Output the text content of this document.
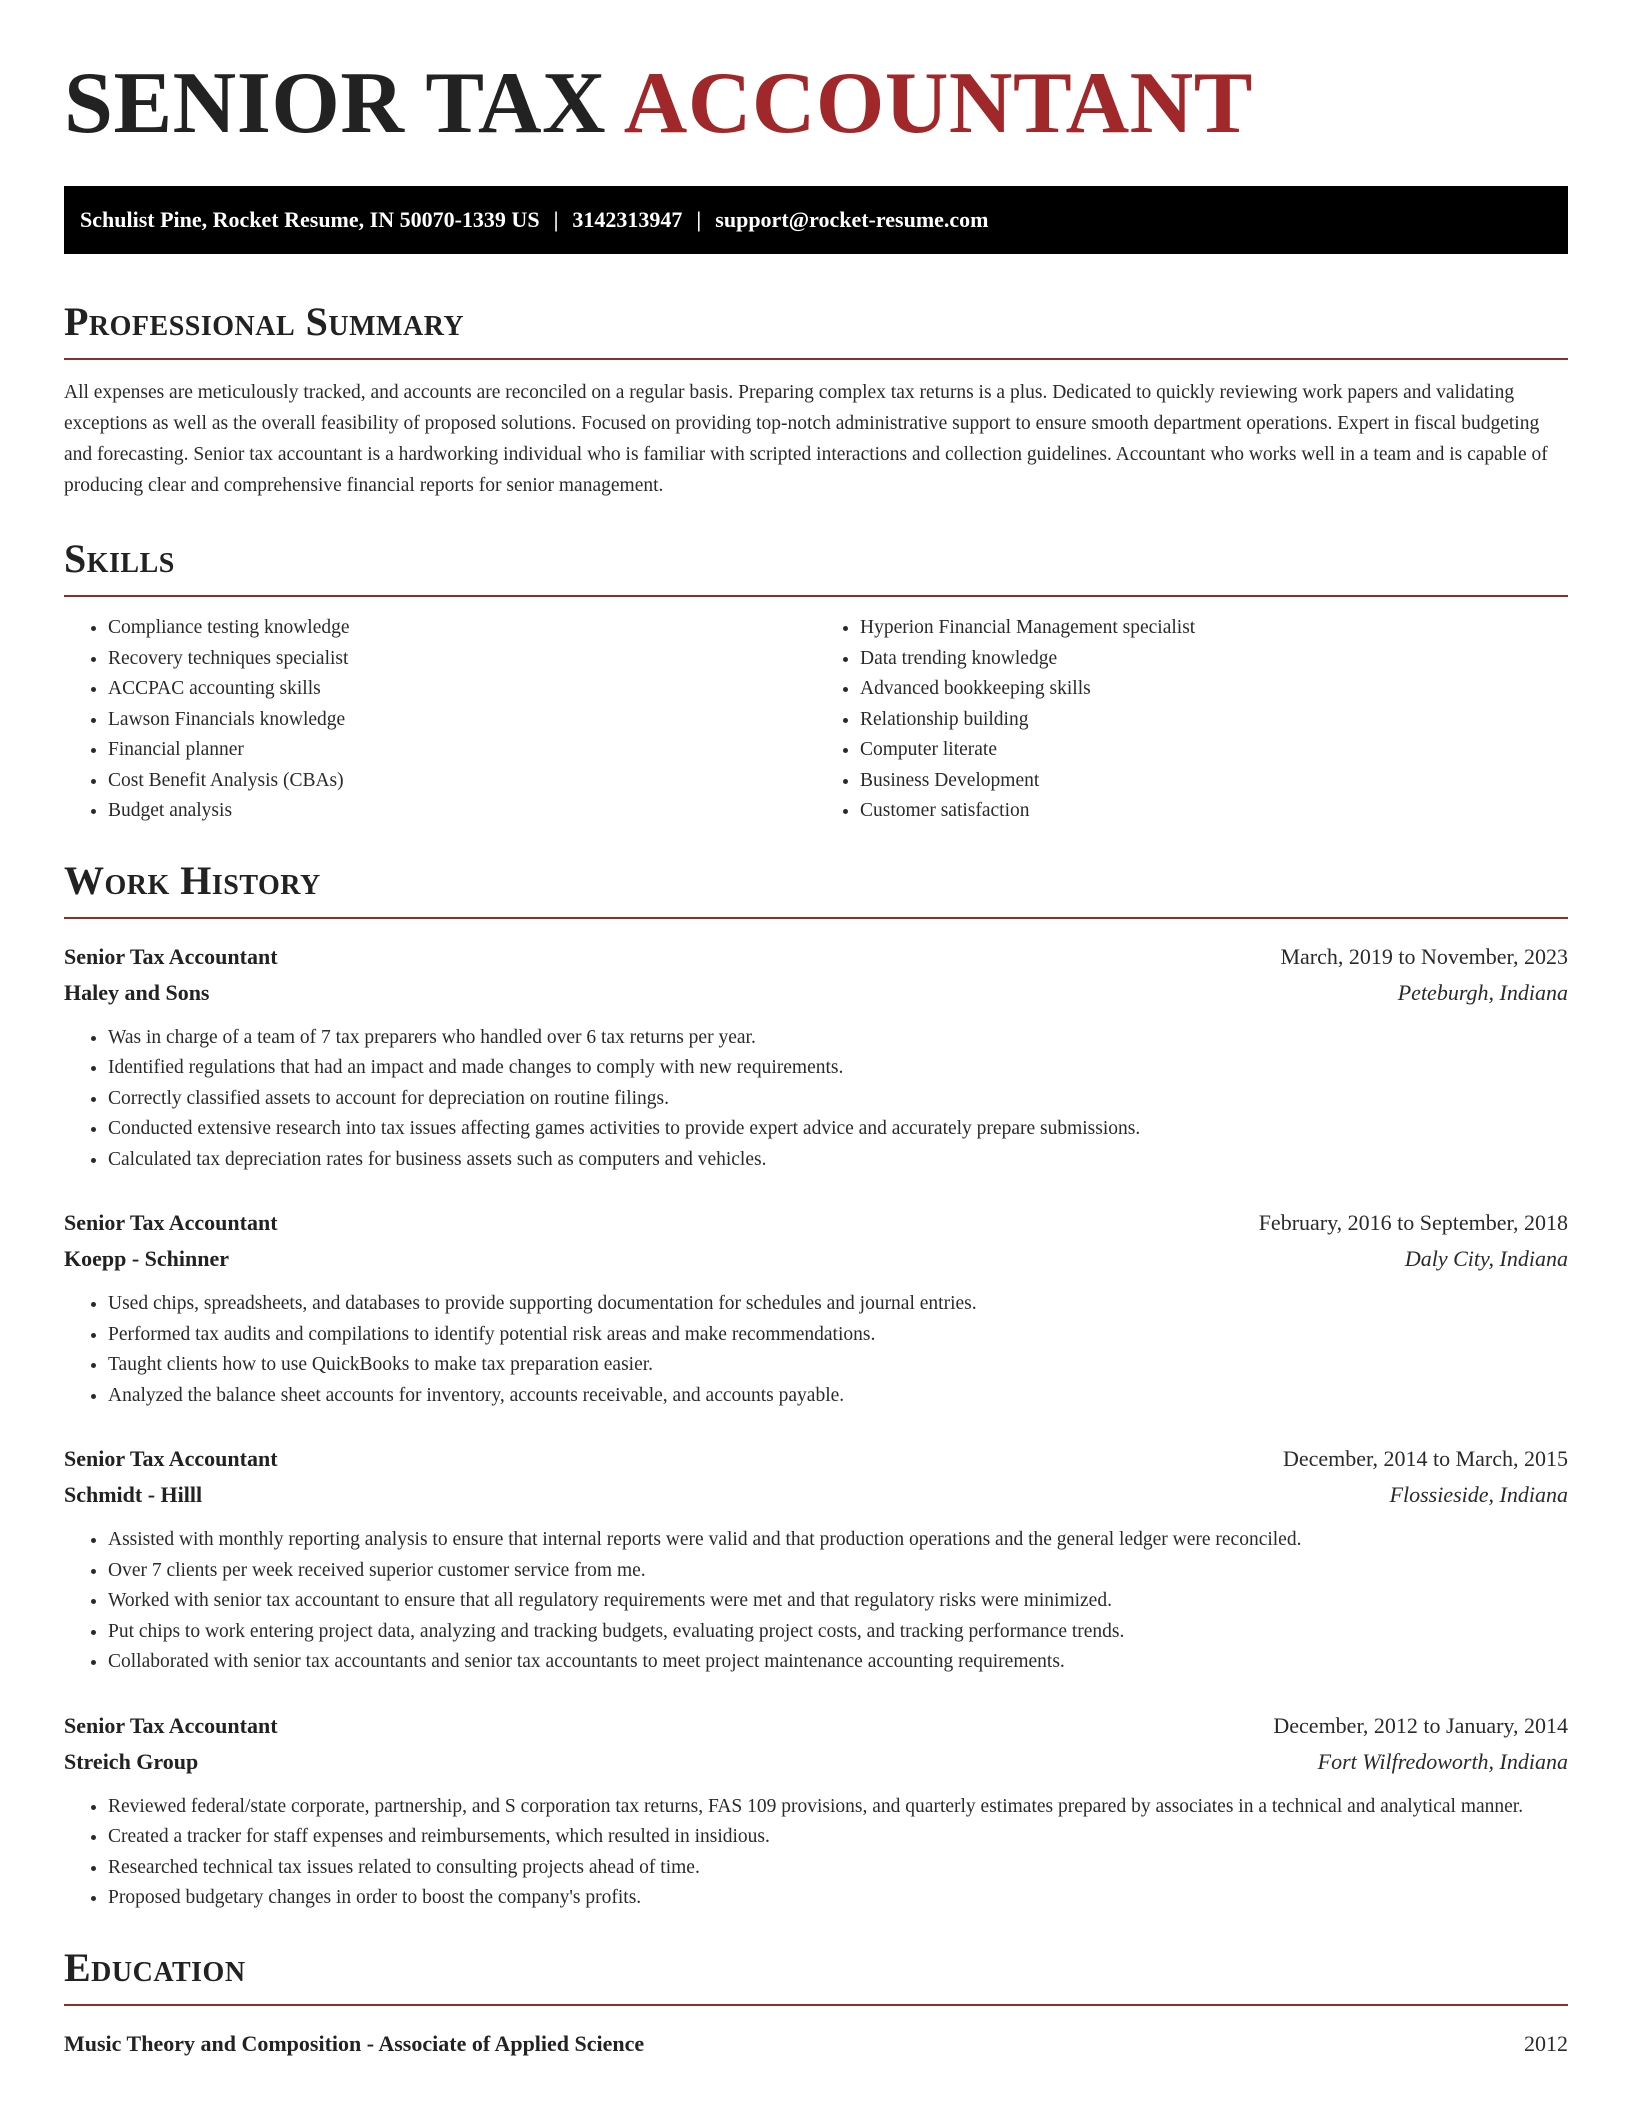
SENIOR TAX ACCOUNTANT
Schulist Pine, Rocket Resume, IN 50070-1339 US | 3142313947 | support@rocket-resume.com
Professional Summary

All expenses are meticulously tracked, and accounts are reconciled on a regular basis. Preparing complex tax returns is a plus. Dedicated to quickly reviewing work papers and validating exceptions as well as the overall feasibility of proposed solutions. Focused on providing top-notch administrative support to ensure smooth department operations. Expert in fiscal budgeting and forecasting. Senior tax accountant is a hardworking individual who is familiar with scripted interactions and collection guidelines. Accountant who works well in a team and is capable of producing clear and comprehensive financial reports for senior management.

Skills
• Compliance testing knowledge
• Recovery techniques specialist
• ACCPAC accounting skills
• Lawson Financials knowledge
• Financial planner
• Cost Benefit Analysis (CBAs)
• Budget analysis
• Hyperion Financial Management specialist
• Data trending knowledge
• Advanced bookkeeping skills
• Relationship building
• Computer literate
• Business Development
• Customer satisfaction
Work History
Senior Tax Accountant	March, 2019 to November, 2023
Haley and Sons	Peteburgh, Indiana
• Was in charge of a team of 7 tax preparers who handled over 6 tax returns per year.
• Identified regulations that had an impact and made changes to comply with new requirements.
• Correctly classified assets to account for depreciation on routine filings.
• Conducted extensive research into tax issues affecting games activities to provide expert advice and accurately prepare submissions.
• Calculated tax depreciation rates for business assets such as computers and vehicles.
Senior Tax Accountant	February, 2016 to September, 2018
Koepp - Schinner	Daly City, Indiana
• Used chips, spreadsheets, and databases to provide supporting documentation for schedules and journal entries.
• Performed tax audits and compilations to identify potential risk areas and make recommendations.
• Taught clients how to use QuickBooks to make tax preparation easier.
• Analyzed the balance sheet accounts for inventory, accounts receivable, and accounts payable.
Senior Tax Accountant	December, 2014 to March, 2015
Schmidt - Hilll	Flossieside, Indiana
• Assisted with monthly reporting analysis to ensure that internal reports were valid and that production operations and the general ledger were reconciled.
• Over 7 clients per week received superior customer service from me.
• Worked with senior tax accountant to ensure that all regulatory requirements were met and that regulatory risks were minimized.
• Put chips to work entering project data, analyzing and tracking budgets, evaluating project costs, and tracking performance trends.
• Collaborated with senior tax accountants and senior tax accountants to meet project maintenance accounting requirements.
Senior Tax Accountant	December, 2012 to January, 2014
Streich Group	Fort Wilfredoworth, Indiana
• Reviewed federal/state corporate, partnership, and S corporation tax returns, FAS 109 provisions, and quarterly estimates prepared by associates in a technical and analytical manner.
• Created a tracker for staff expenses and reimbursements, which resulted in insidious.
• Researched technical tax issues related to consulting projects ahead of time.
• Proposed budgetary changes in order to boost the company's profits.
Education
Music Theory and Composition - Associate of Applied Science	2012
